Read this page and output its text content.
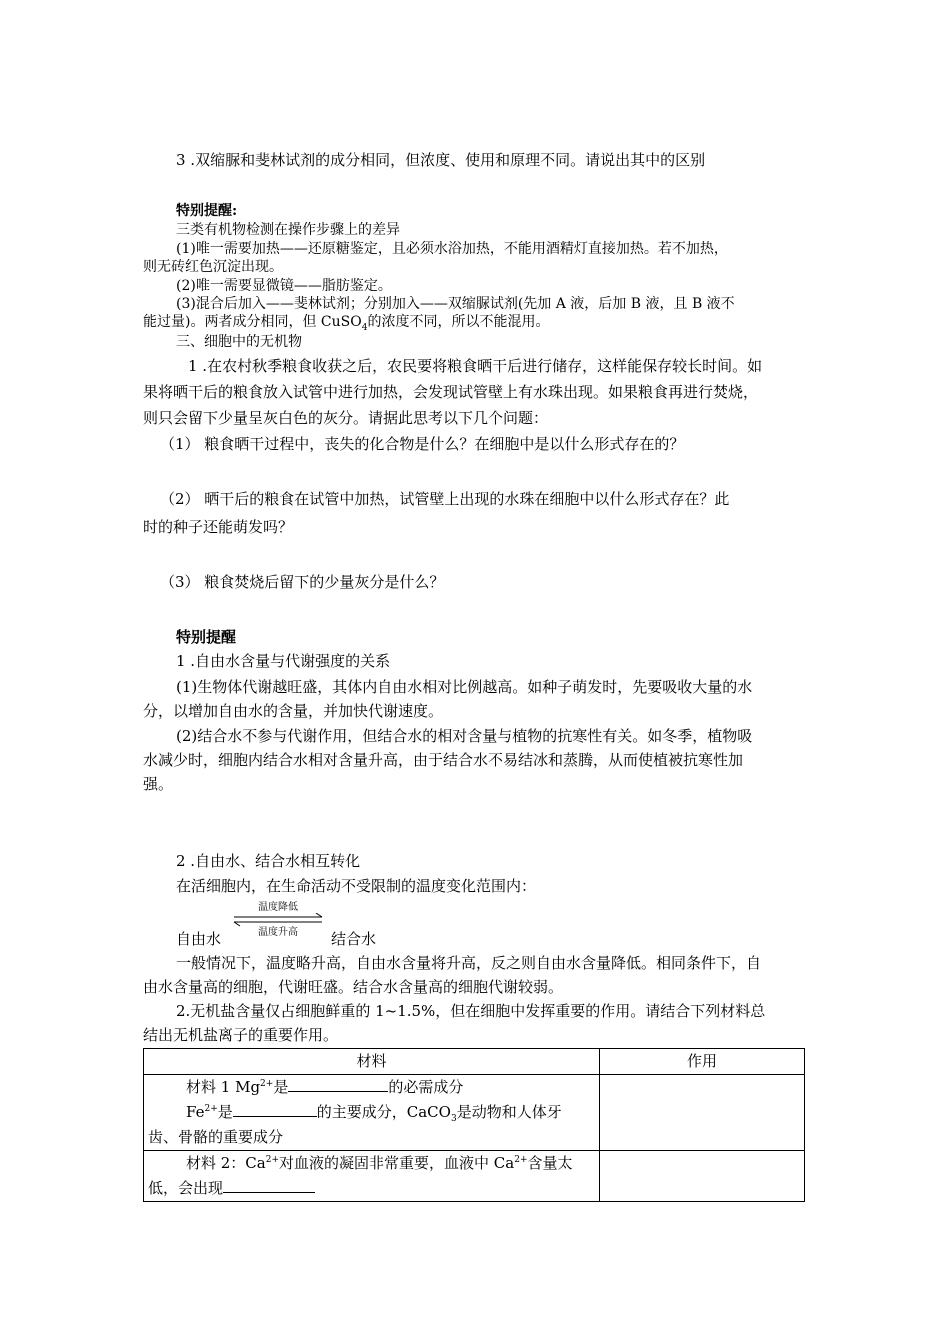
3 .双缩脲和斐林试剂的成分相同，但浓度、使用和原理不同。请说出其中的区别
特别提醒:
三类有机物检测在操作步骤上的差异
(1)唯一需要加热——还原糖鉴定，且必须水浴加热，不能用酒精灯直接加热。若不加热，
则无砖红色沉淀出现。
(2)唯一需要显微镜——脂肪鉴定。
(3)混合后加入——斐林试剂；分别加入——双缩脲试剂(先加 A 液，后加 B 液，且 B 液不
能过量)。两者成分相同，但 CuSO$_4$的浓度不同，所以不能混用。
三、细胞中的无机物
1 .在农村秋季粮食收获之后，农民要将粮食晒干后进行储存，这样能保存较长时间。如
果将晒干后的粮食放入试管中进行加热，会发现试管壁上有水珠出现。如果粮食再进行焚烧，
则只会留下少量呈灰白色的灰分。请据此思考以下几个问题：
（1） 粮食晒干过程中，丧失的化合物是什么？在细胞中是以什么形式存在的？
（2） 晒干后的粮食在试管中加热，试管壁上出现的水珠在细胞中以什么形式存在？此
时的种子还能萌发吗？
（3） 粮食焚烧后留下的少量灰分是什么？
特别提醒
1 .自由水含量与代谢强度的关系
(1)生物体代谢越旺盛，其体内自由水相对比例越高。如种子萌发时，先要吸收大量的水
分，以增加自由水的含量，并加快代谢速度。
(2)结合水不参与代谢作用，但结合水的相对含量与植物的抗寒性有关。如冬季，植物吸
水减少时，细胞内结合水相对含量升高，由于结合水不易结冰和蒸腾，从而使植被抗寒性加
强。
2 .自由水、结合水相互转化
在活细胞内，在生命活动不受限制的温度变化范围内：
温度降低
温度升高
自由水	结合水
一般情况下，温度略升高，自由水含量将升高，反之则自由水含量降低。相同条件下，自
由水含量高的细胞，代谢旺盛。结合水含量高的细胞代谢较弱。
2.无机盐含量仅占细胞鲜重的 1~1.5%，但在细胞中发挥重要的作用。请结合下列材料总
结出无机盐离子的重要作用。
材料	作用

材料 1 $Mg^{2+}$是 的必需成分
$Fe^{2+}$是 的主要成分，CaCO$_3$是动物和人体牙
齿、骨骼的重要成分	

材料 2：$Ca^{2+}$对血液的凝固非常重要，血液中 $Ca^{2+}$含量太
低，会出现	
